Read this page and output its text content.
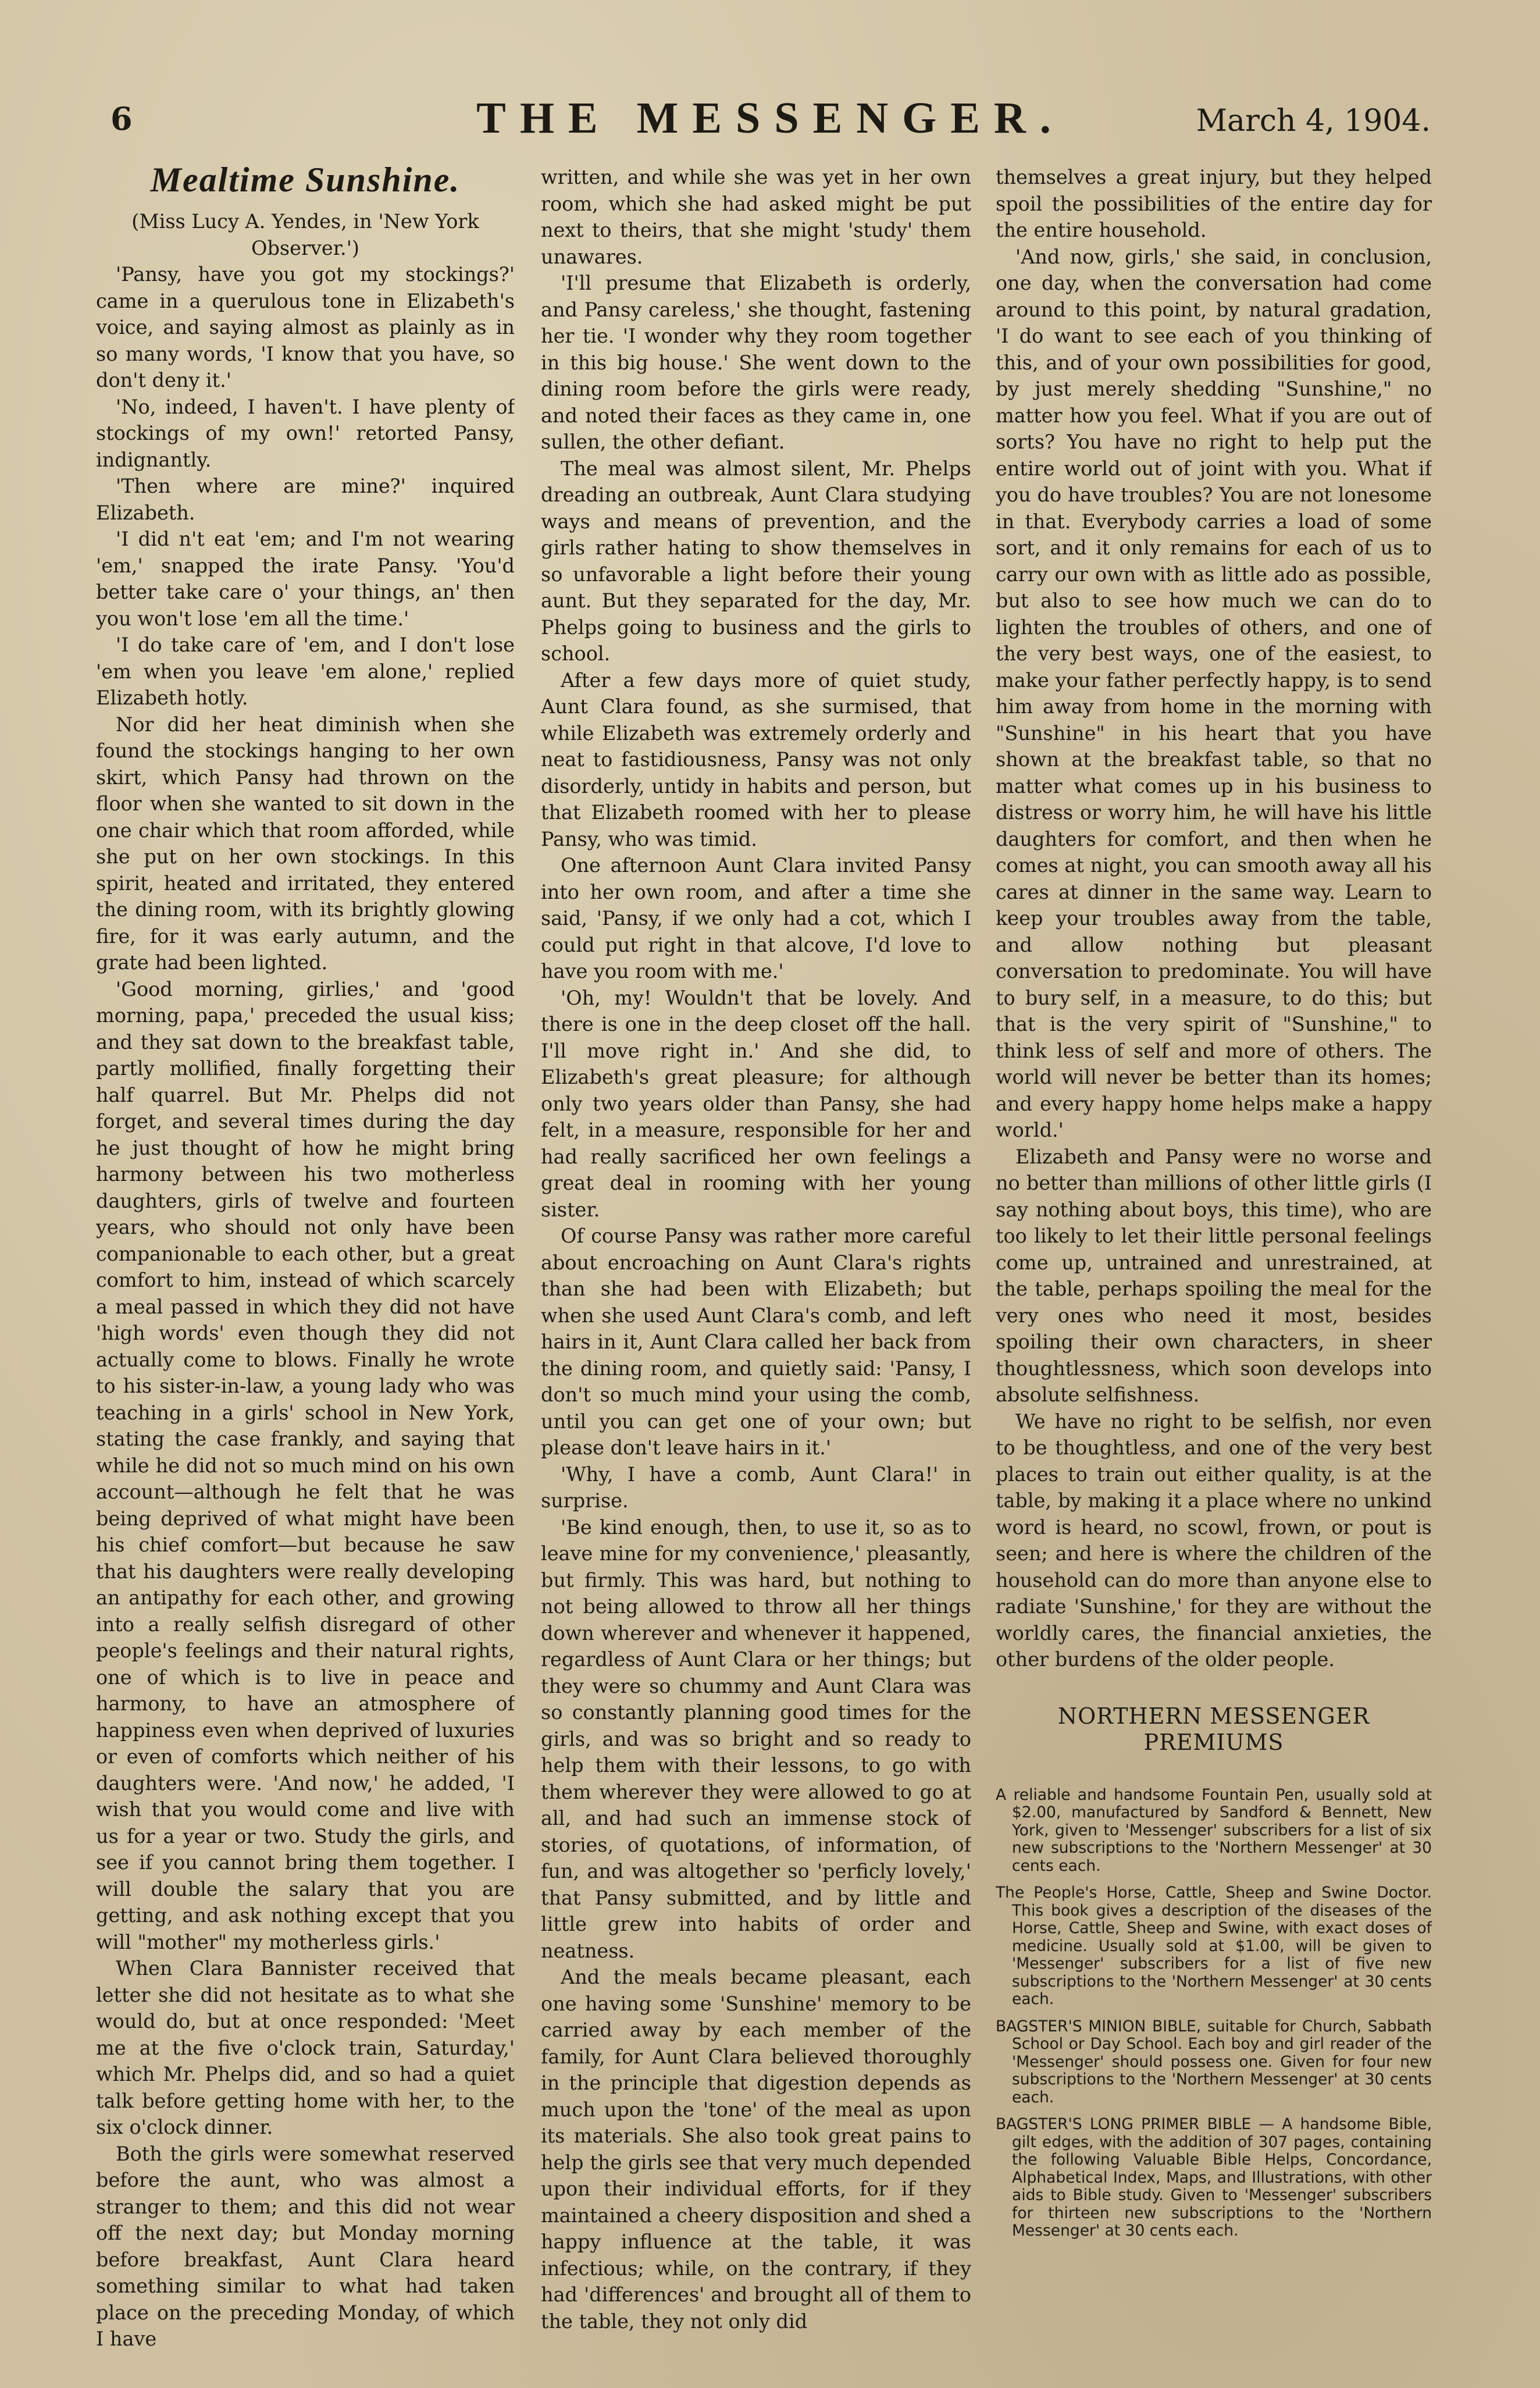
6	THE MESSENGER.	March 4, 1904.
Mealtime Sunshine.

(Miss Lucy A. Yendes, in 'New York Observer.')

'Pansy, have you got my stockings?' came in a querulous tone in Elizabeth's voice, and saying almost as plainly as in so many words, 'I know that you have, so don't deny it.'

'No, indeed, I haven't. I have plenty of stockings of my own!' retorted Pansy, indignantly.

'Then where are mine?' inquired Elizabeth.

'I did n't eat 'em; and I'm not wearing 'em,' snapped the irate Pansy. 'You'd better take care o' your things, an' then you won't lose 'em all the time.'

'I do take care of 'em, and I don't lose 'em when you leave 'em alone,' replied Elizabeth hotly.

Nor did her heat diminish when she found the stockings hanging to her own skirt, which Pansy had thrown on the floor when she wanted to sit down in the one chair which that room afforded, while she put on her own stockings. In this spirit, heated and irritated, they entered the dining room, with its brightly glowing fire, for it was early autumn, and the grate had been lighted.

'Good morning, girlies,' and 'good morning, papa,' preceded the usual kiss; and they sat down to the breakfast table, partly mollified, finally forgetting their half quarrel. But Mr. Phelps did not forget, and several times during the day he just thought of how he might bring harmony between his two motherless daughters, girls of twelve and fourteen years, who should not only have been companionable to each other, but a great comfort to him, instead of which scarcely a meal passed in which they did not have 'high words' even though they did not actually come to blows. Finally he wrote to his sister-in-law, a young lady who was teaching in a girls' school in New York, stating the case frankly, and saying that while he did not so much mind on his own account—although he felt that he was being deprived of what might have been his chief comfort—but because he saw that his daughters were really developing an antipathy for each other, and growing into a really selfish disregard of other people's feelings and their natural rights, one of which is to live in peace and harmony, to have an atmosphere of happiness even when deprived of luxuries or even of comforts which neither of his daughters were. 'And now,' he added, 'I wish that you would come and live with us for a year or two. Study the girls, and see if you cannot bring them together. I will double the salary that you are getting, and ask nothing except that you will "mother" my motherless girls.'

When Clara Bannister received that letter she did not hesitate as to what she would do, but at once responded: 'Meet me at the five o'clock train, Saturday,' which Mr. Phelps did, and so had a quiet talk before getting home with her, to the six o'clock dinner.

Both the girls were somewhat reserved before the aunt, who was almost a stranger to them; and this did not wear off the next day; but Monday morning before breakfast, Aunt Clara heard something similar to what had taken place on the preceding Monday, of which I have

written, and while she was yet in her own room, which she had asked might be put next to theirs, that she might 'study' them unawares.

'I'll presume that Elizabeth is orderly, and Pansy careless,' she thought, fastening her tie. 'I wonder why they room together in this big house.' She went down to the dining room before the girls were ready, and noted their faces as they came in, one sullen, the other defiant.

The meal was almost silent, Mr. Phelps dreading an outbreak, Aunt Clara studying ways and means of prevention, and the girls rather hating to show themselves in so unfavorable a light before their young aunt. But they separated for the day, Mr. Phelps going to business and the girls to school.

After a few days more of quiet study, Aunt Clara found, as she surmised, that while Elizabeth was extremely orderly and neat to fastidiousness, Pansy was not only disorderly, untidy in habits and person, but that Elizabeth roomed with her to please Pansy, who was timid.

One afternoon Aunt Clara invited Pansy into her own room, and after a time she said, 'Pansy, if we only had a cot, which I could put right in that alcove, I'd love to have you room with me.'

'Oh, my! Wouldn't that be lovely. And there is one in the deep closet off the hall. I'll move right in.' And she did, to Elizabeth's great pleasure; for although only two years older than Pansy, she had felt, in a measure, responsible for her and had really sacrificed her own feelings a great deal in rooming with her young sister.

Of course Pansy was rather more careful about encroaching on Aunt Clara's rights than she had been with Elizabeth; but when she used Aunt Clara's comb, and left hairs in it, Aunt Clara called her back from the dining room, and quietly said: 'Pansy, I don't so much mind your using the comb, until you can get one of your own; but please don't leave hairs in it.'

'Why, I have a comb, Aunt Clara!' in surprise.

'Be kind enough, then, to use it, so as to leave mine for my convenience,' pleasantly, but firmly. This was hard, but nothing to not being allowed to throw all her things down wherever and whenever it happened, regardless of Aunt Clara or her things; but they were so chummy and Aunt Clara was so constantly planning good times for the girls, and was so bright and so ready to help them with their lessons, to go with them wherever they were allowed to go at all, and had such an immense stock of stories, of quotations, of information, of fun, and was altogether so 'perficly lovely,' that Pansy submitted, and by little and little grew into habits of order and neatness.

And the meals became pleasant, each one having some 'Sunshine' memory to be carried away by each member of the family, for Aunt Clara believed thoroughly in the principle that digestion depends as much upon the 'tone' of the meal as upon its materials. She also took great pains to help the girls see that very much depended upon their individual efforts, for if they maintained a cheery disposition and shed a happy influence at the table, it was infectious; while, on the contrary, if they had 'differences' and brought all of them to the table, they not only did

themselves a great injury, but they helped spoil the possibilities of the entire day for the entire household.

'And now, girls,' she said, in conclusion, one day, when the conversation had come around to this point, by natural gradation, 'I do want to see each of you thinking of this, and of your own possibilities for good, by just merely shedding "Sunshine," no matter how you feel. What if you are out of sorts? You have no right to help put the entire world out of joint with you. What if you do have troubles? You are not lonesome in that. Everybody carries a load of some sort, and it only remains for each of us to carry our own with as little ado as possible, but also to see how much we can do to lighten the troubles of others, and one of the very best ways, one of the easiest, to make your father perfectly happy, is to send him away from home in the morning with "Sunshine" in his heart that you have shown at the breakfast table, so that no matter what comes up in his business to distress or worry him, he will have his little daughters for comfort, and then when he comes at night, you can smooth away all his cares at dinner in the same way. Learn to keep your troubles away from the table, and allow nothing but pleasant conversation to predominate. You will have to bury self, in a measure, to do this; but that is the very spirit of "Sunshine," to think less of self and more of others. The world will never be better than its homes; and every happy home helps make a happy world.'

Elizabeth and Pansy were no worse and no better than millions of other little girls (I say nothing about boys, this time), who are too likely to let their little personal feelings come up, untrained and unrestrained, at the table, perhaps spoiling the meal for the very ones who need it most, besides spoiling their own characters, in sheer thoughtlessness, which soon develops into absolute selfishness.

We have no right to be selfish, nor even to be thoughtless, and one of the very best places to train out either quality, is at the table, by making it a place where no unkind word is heard, no scowl, frown, or pout is seen; and here is where the children of the household can do more than anyone else to radiate 'Sunshine,' for they are without the worldly cares, the financial anxieties, the other burdens of the older people.

NORTHERN MESSENGER PREMIUMS
A reliable and handsome Fountain Pen, usually sold at $2.00, manufactured by Sandford & Bennett, New York, given to 'Messenger' subscribers for a list of six new subscriptions to the 'Northern Messenger' at 30 cents each.
The People's Horse, Cattle, Sheep and Swine Doctor. This book gives a description of the diseases of the Horse, Cattle, Sheep and Swine, with exact doses of medicine. Usually sold at $1.00, will be given to 'Messenger' subscribers for a list of five new subscriptions to the 'Northern Messenger' at 30 cents each.
BAGSTER'S MINION BIBLE, suitable for Church, Sabbath School or Day School. Each boy and girl reader of the 'Messenger' should possess one. Given for four new subscriptions to the 'Northern Messenger' at 30 cents each.
BAGSTER'S LONG PRIMER BIBLE — A handsome Bible, gilt edges, with the addition of 307 pages, containing the following Valuable Bible Helps, Concordance, Alphabetical Index, Maps, and Illustrations, with other aids to Bible study. Given to 'Messenger' subscribers for thirteen new subscriptions to the 'Northern Messenger' at 30 cents each.
